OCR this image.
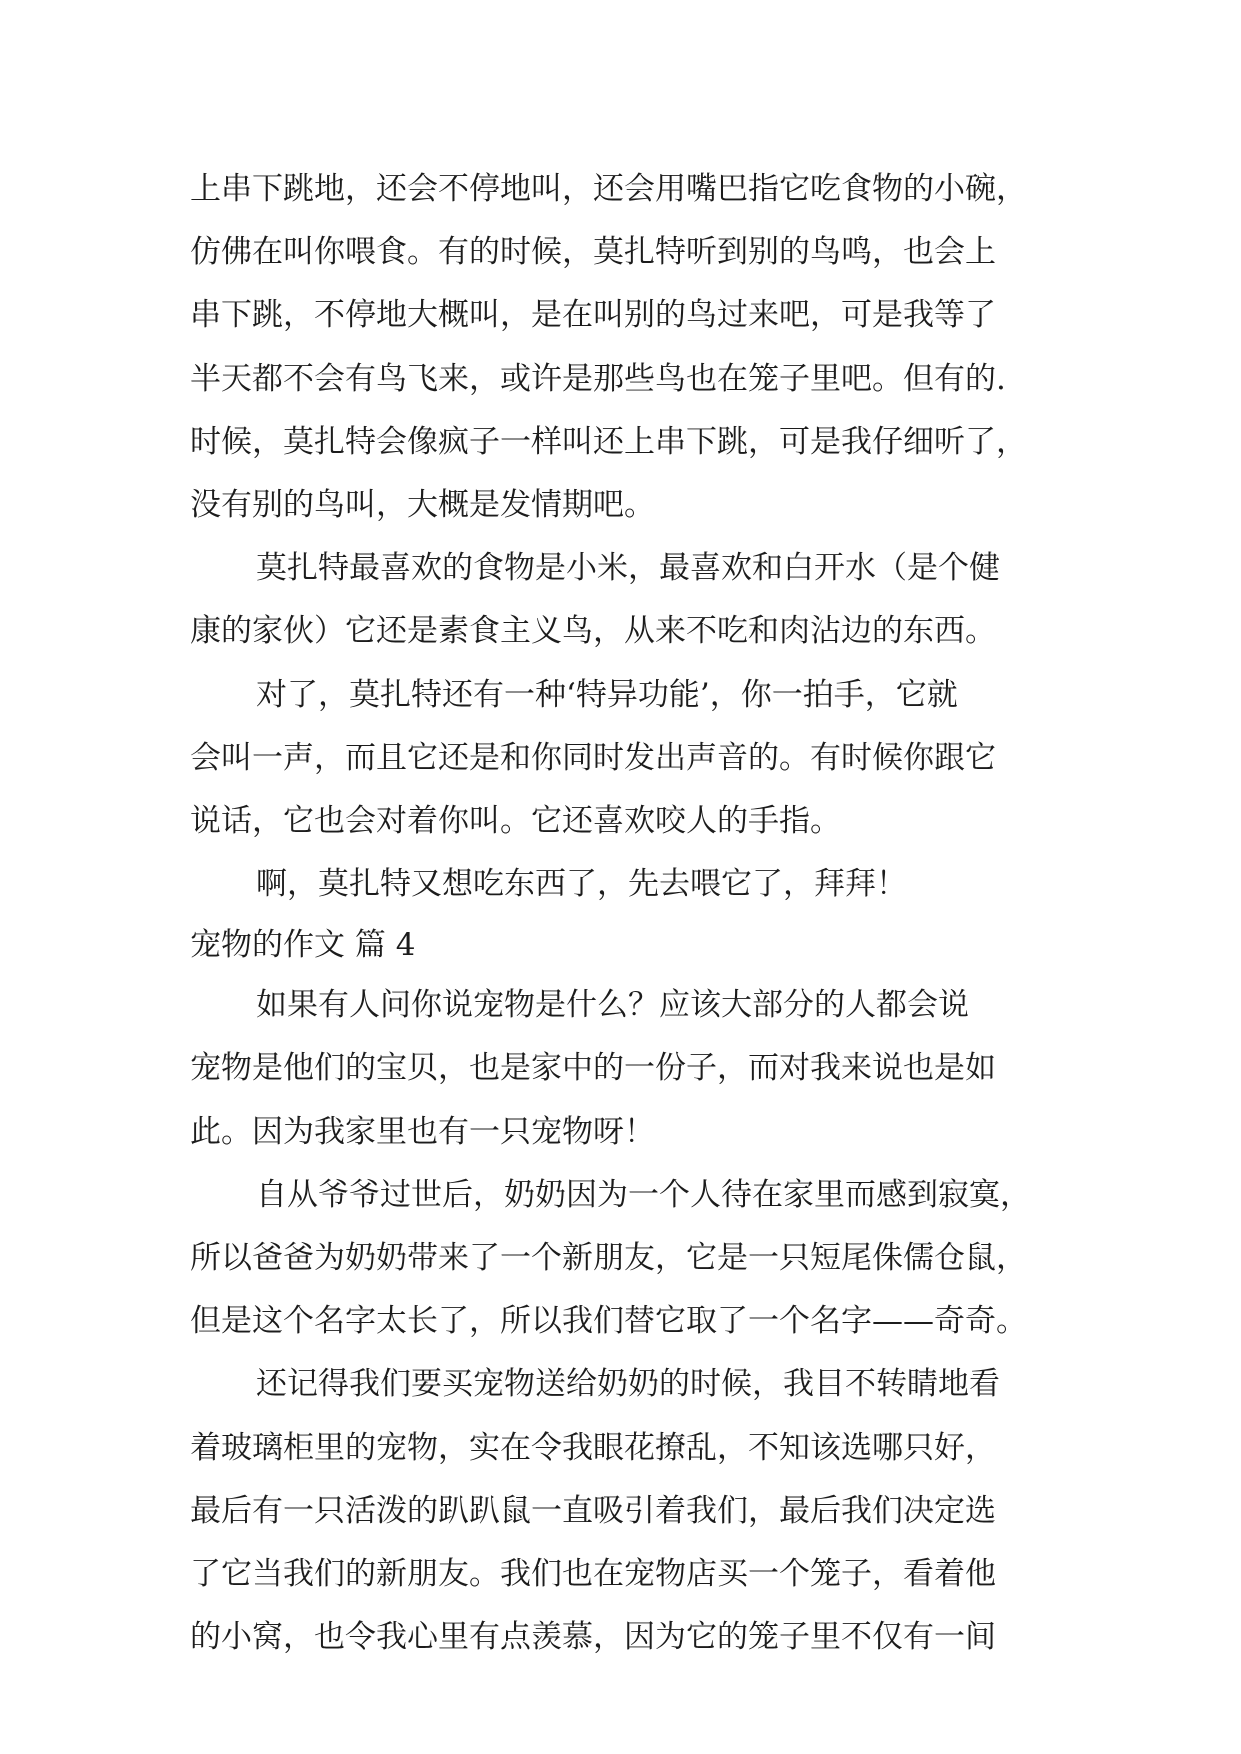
上串下跳地，还会不停地叫，还会用嘴巴指它吃食物的小碗，
仿佛在叫你喂食。有的时候，莫扎特听到别的鸟鸣，也会上
串下跳，不停地大概叫，是在叫别的鸟过来吧，可是我等了
半天都不会有鸟飞来，或许是那些鸟也在笼子里吧。但有的.
时候，莫扎特会像疯子一样叫还上串下跳，可是我仔细听了，
没有别的鸟叫，大概是发情期吧。
莫扎特最喜欢的食物是小米，最喜欢和白开水（是个健
康的家伙）它还是素食主义鸟，从来不吃和肉沾边的东西。
对了，莫扎特还有一种‘特异功能’，你一拍手，它就
会叫一声，而且它还是和你同时发出声音的。有时候你跟它
说话，它也会对着你叫。它还喜欢咬人的手指。
啊，莫扎特又想吃东西了，先去喂它了，拜拜！
宠物的作文 篇 4
如果有人问你说宠物是什么？应该大部分的人都会说
宠物是他们的宝贝，也是家中的一份子，而对我来说也是如
此。因为我家里也有一只宠物呀！
自从爷爷过世后，奶奶因为一个人待在家里而感到寂寞，
所以爸爸为奶奶带来了一个新朋友，它是一只短尾侏儒仓鼠，
但是这个名字太长了，所以我们替它取了一个名字——奇奇。
还记得我们要买宠物送给奶奶的时候，我目不转睛地看
着玻璃柜里的宠物，实在令我眼花撩乱，不知该选哪只好，
最后有一只活泼的趴趴鼠一直吸引着我们，最后我们决定选
了它当我们的新朋友。我们也在宠物店买一个笼子，看着他
的小窝，也令我心里有点羡慕，因为它的笼子里不仅有一间
